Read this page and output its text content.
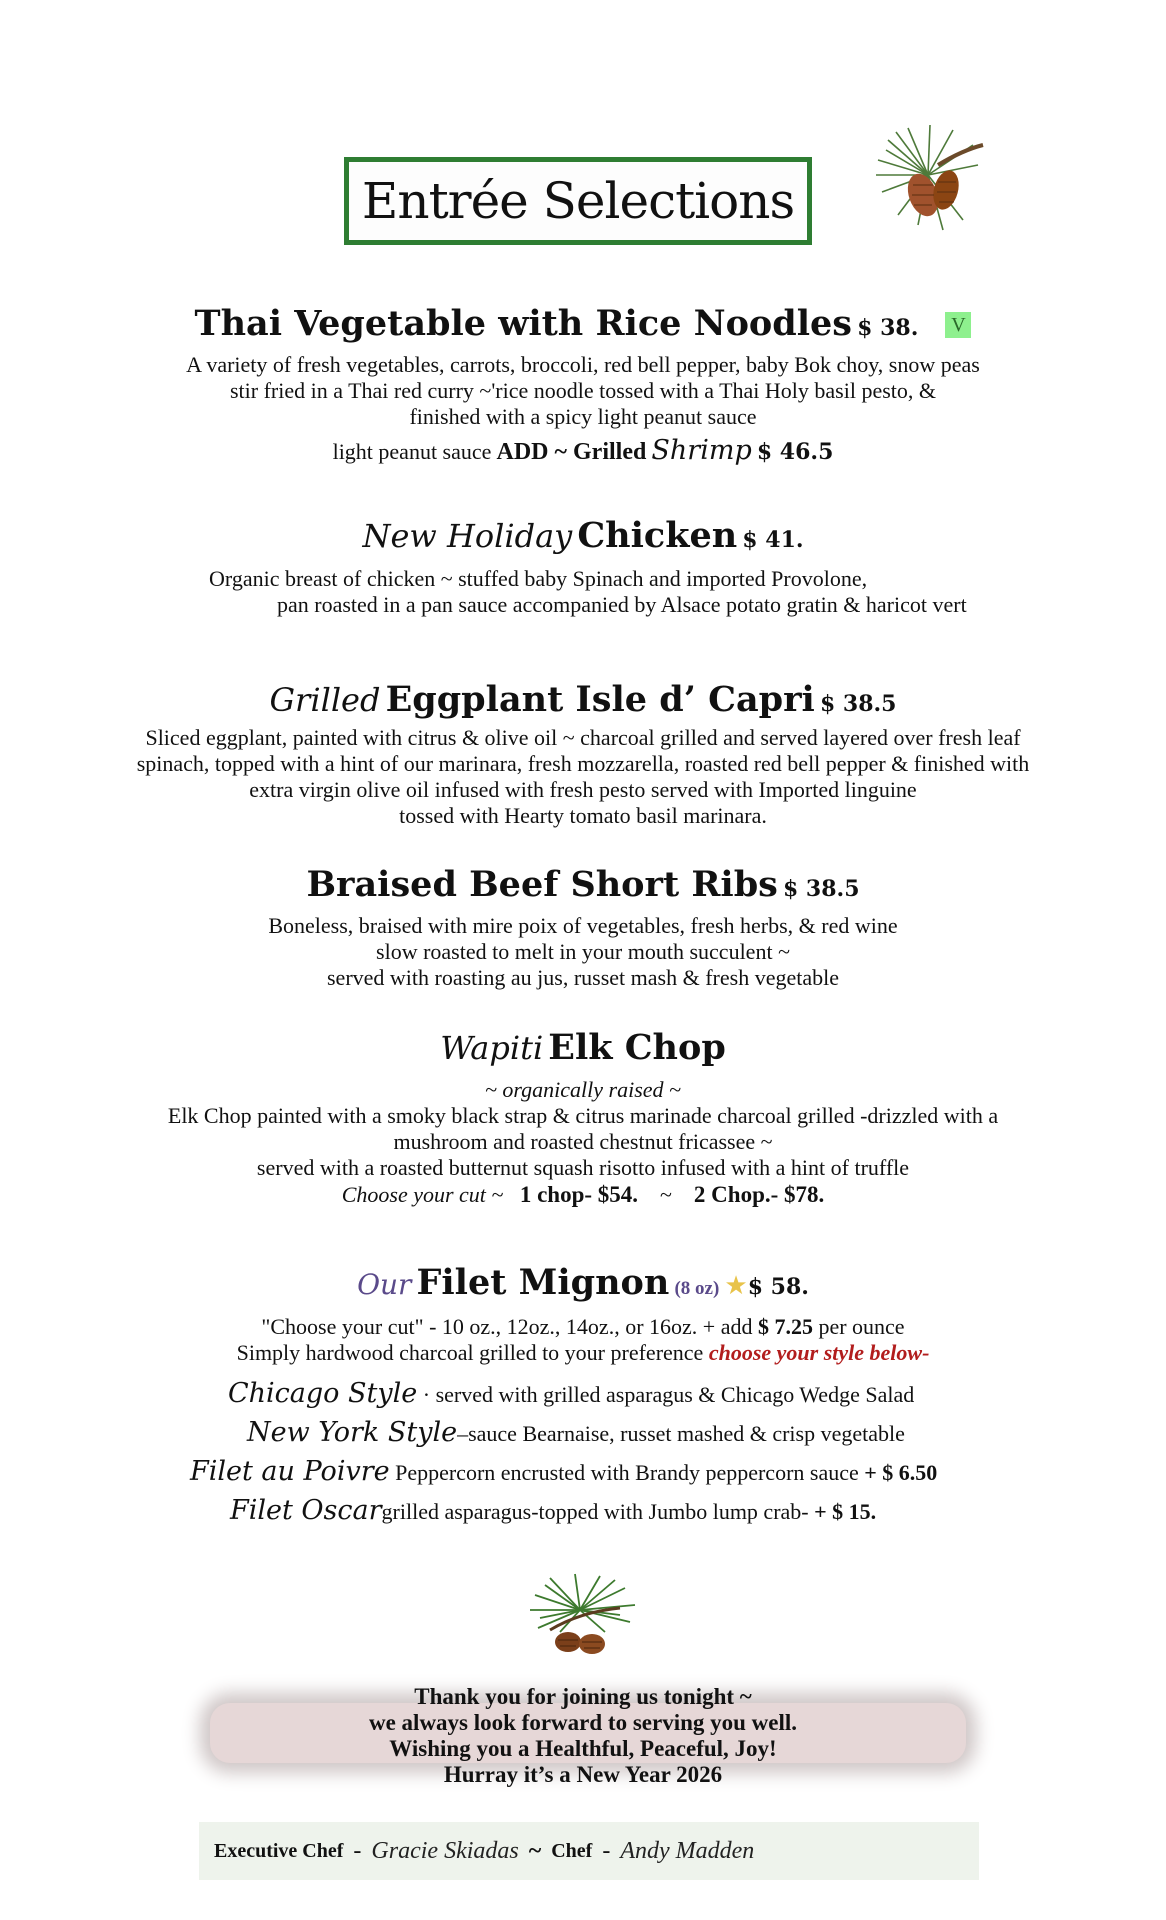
Entrée Selections
Thai Vegetable with Rice Noodles $ 38. V
A variety of fresh vegetables, carrots, broccoli, red bell pepper, baby Bok choy, snow peas
stir fried in a Thai red curry ~'rice noodle tossed with a Thai Holy basil pesto, &
finished with a spicy light peanut sauce
light peanut sauce ADD ~ Grilled Shrimp $ 46.5
New Holiday Chicken $ 41.
Organic breast of chicken ~ stuffed baby Spinach and imported Provolone,
pan roasted in a pan sauce accompanied by Alsace potato gratin & haricot vert
Grilled Eggplant Isle d’ Capri $ 38.5
Sliced eggplant, painted with citrus & olive oil ~ charcoal grilled and served layered over fresh leaf
spinach, topped with a hint of our marinara, fresh mozzarella, roasted red bell pepper & finished with
extra virgin olive oil infused with fresh pesto served with Imported linguine
tossed with Hearty tomato basil marinara.
Braised Beef Short Ribs $ 38.5
Boneless, braised with mire poix of vegetables, fresh herbs, & red wine
slow roasted to melt in your mouth succulent ~
served with roasting au jus, russet mash & fresh vegetable
Wapiti Elk Chop
~ organically raised ~
Elk Chop painted with a smoky black strap & citrus marinade charcoal grilled -drizzled with a
mushroom and roasted chestnut fricassee ~
served with a roasted butternut squash risotto infused with a hint of truffle
Choose your cut ~ 1 chop- $54. ~ 2 Chop.- $78.
Our Filet Mignon (8 oz) ★$ 58.
"Choose your cut" - 10 oz., 12oz., 14oz., or 16oz. + add $ 7.25 per ounce
Simply hardwood charcoal grilled to your preference choose your style below-
Chicago Style · served with grilled asparagus & Chicago Wedge Salad
New York Style–sauce Bearnaise, russet mashed & crisp vegetable
Filet au Poivre Peppercorn encrusted with Brandy peppercorn sauce + $ 6.50
Filet Oscargrilled asparagus-topped with Jumbo lump crab- + $ 15.
Thank you for joining us tonight ~
we always look forward to serving you well.
Wishing you a Healthful, Peaceful, Joy!
Hurray it’s a New Year 2026
Executive Chef - Gracie Skiadas ~ Chef - Andy Madden
